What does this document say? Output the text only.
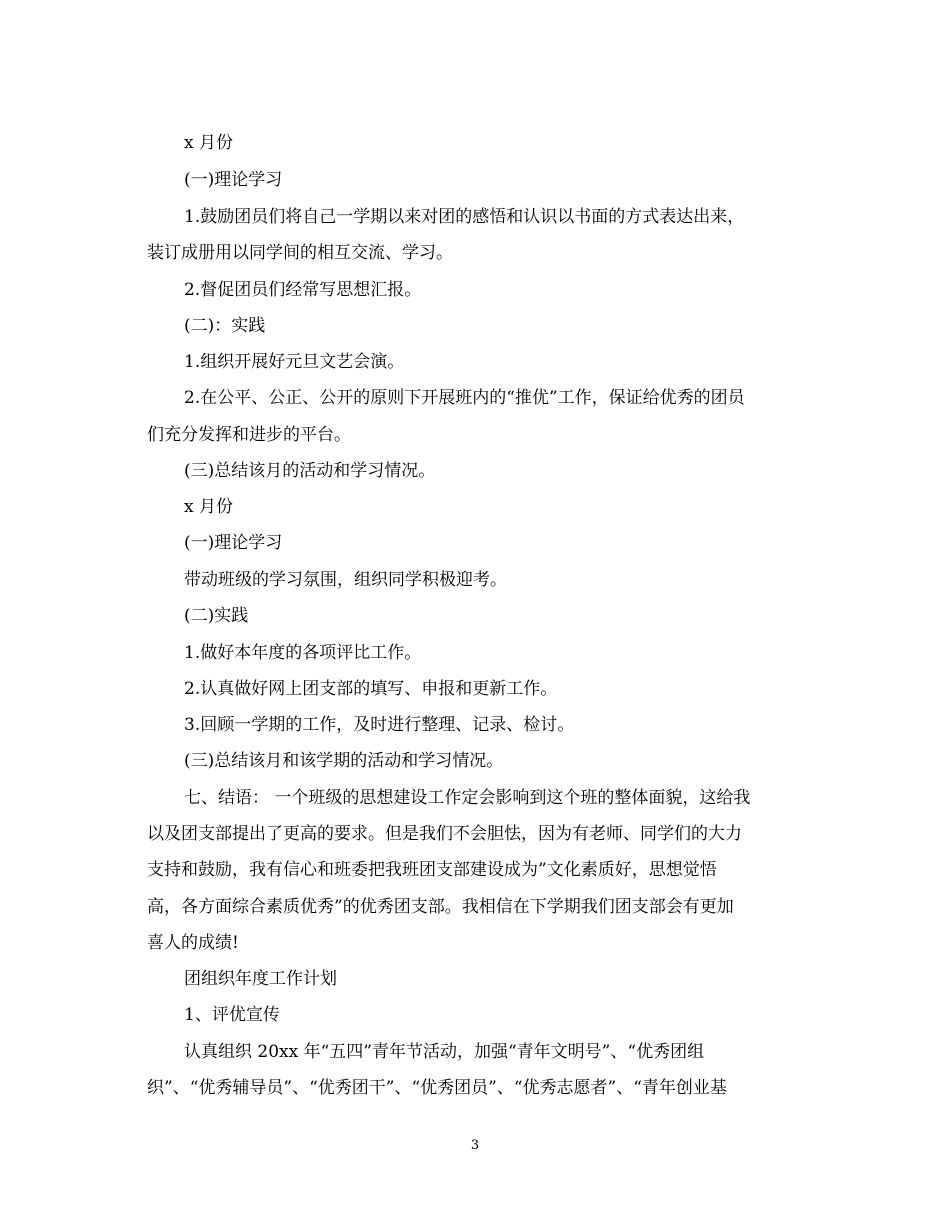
x 月份
(一)理论学习
1.鼓励团员们将自己一学期以来对团的感悟和认识以书面的方式表达出来，
装订成册用以同学间的相互交流、学习。
2.督促团员们经常写思想汇报。
(二)：实践
1.组织开展好元旦文艺会演。
2.在公平、公正、公开的原则下开展班内的“推优”工作，保证给优秀的团员
们充分发挥和进步的平台。
(三)总结该月的活动和学习情况。
x 月份
(一)理论学习
带动班级的学习氛围，组织同学积极迎考。
(二)实践
1.做好本年度的各项评比工作。
2.认真做好网上团支部的填写、申报和更新工作。
3.回顾一学期的工作，及时进行整理、记录、检讨。
(三)总结该月和该学期的活动和学习情况。
七、结语： 一个班级的思想建设工作定会影响到这个班的整体面貌，这给我
以及团支部提出了更高的要求。但是我们不会胆怯，因为有老师、同学们的大力
支持和鼓励，我有信心和班委把我班团支部建设成为”文化素质好，思想觉悟
高，各方面综合素质优秀”的优秀团支部。我相信在下学期我们团支部会有更加
喜人的成绩!
团组织年度工作计划
1、评优宣传
认真组织 20xx 年“五四”青年节活动，加强“青年文明号”、“优秀团组
织”、“优秀辅导员”、“优秀团干”、“优秀团员”、“优秀志愿者”、“青年创业基
3
